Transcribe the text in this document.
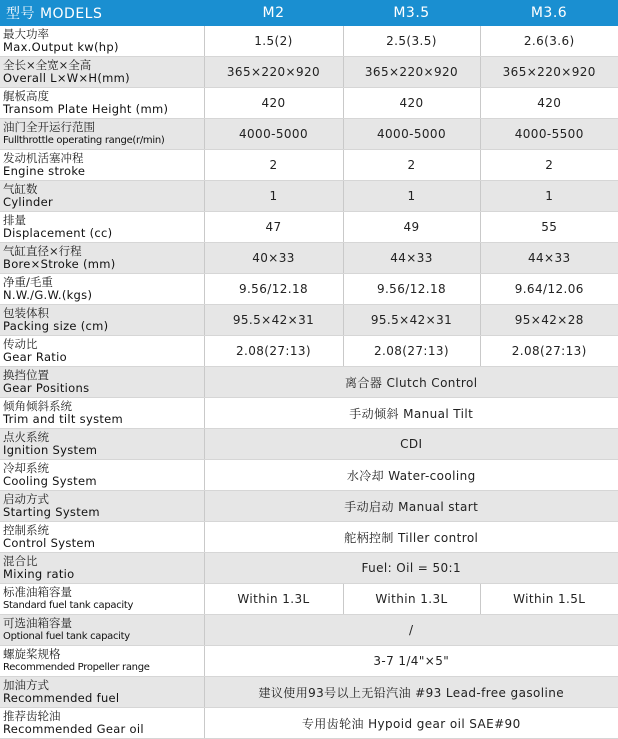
型号 MODELS	M2	M3.5	M3.6

最大功率
Max.Output kw(hp)	1.5(2)	2.5(3.5)	2.6(3.6)

全长×全宽×全高
Overall L×W×H(mm)	365×220×920	365×220×920	365×220×920

艉板高度
Transom Plate Height (mm)	420	420	420

油门全开运行范围
Fullthrottle operating range(r/min)	4000-5000	4000-5000	4000-5500

发动机活塞冲程
Engine stroke	2	2	2

气缸数
Cylinder	1	1	1

排量
Displacement (cc)	47	49	55

气缸直径×行程
Bore×Stroke (mm)	40×33	44×33	44×33

净重/毛重
N.W./G.W.(kgs)	9.56/12.18	9.56/12.18	9.64/12.06

包装体积
Packing size (cm)	95.5×42×31	95.5×42×31	95×42×28

传动比
Gear Ratio	2.08(27:13)	2.08(27:13)	2.08(27:13)

换挡位置
Gear Positions	离合器 Clutch Control		

倾角倾斜系统
Trim and tilt system	手动倾斜 Manual Tilt		

点火系统
Ignition System	CDI		

冷却系统
Cooling System	水冷却 Water-cooling		

启动方式
Starting System	手动启动 Manual start		

控制系统
Control System	舵柄控制 Tiller control		

混合比
Mixing ratio	Fuel: Oil = 50:1		

标准油箱容量
Standard fuel tank capacity	Within 1.3L	Within 1.3L	Within 1.5L

可选油箱容量
Optional fuel tank capacity	/		

螺旋桨规格
Recommended Propeller range	3-7 1/4"×5"		

加油方式
Recommended fuel	建议使用93号以上无铅汽油 #93 Lead-free gasoline		

推荐齿轮油
Recommended Gear oil	专用齿轮油 Hypoid gear oil SAE#90		
